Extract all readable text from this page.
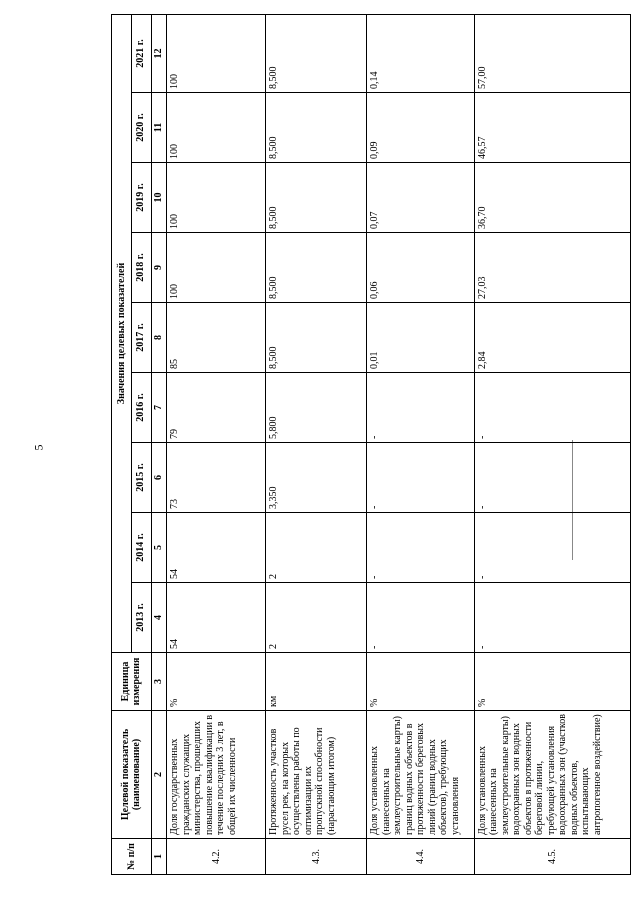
5
№ п/п	Целевой показатель (наименование)	Единица измерения	Значения целевых показателей								
			2013 г.	2014 г.	2015 г.	2016 г.	2017 г.	2018 г.	2019 г.	2020 г.	2021 г.
1	2	3	4	5	6	7	8	9	10	11	12
4.2.	Доля государственных гражданских служащих министерства, прошедших повышение квалификации в течение последних 3 лет, в общей их численности	%	54	54	73	79	85	100	100	100	100
4.3.	Протяженность участков русел рек, на которых осуществлены работы по оптимизации их пропускной способности (нарастающим итогом)	км	2	2	3,350	5,800	8,500	8,500	8,500	8,500	8,500
4.4.	Доля установленных (нанесенных на землеустроительные карты) границ водных объектов в протяженности береговых линий (границ водных объектов), требующих установления	%	-	-	-	-	0,01	0,06	0,07	0,09	0,14
4.5.	Доля установленных (нанесенных на землеустроительные карты) водоохранных зон водных объектов в протяженности береговой линии, требующей установления водоохранных зон (участков водных объектов, испытывающих антропогенное воздействие)	%	-	-	-	-	2,84	27,03	36,70	46,57	57,00
